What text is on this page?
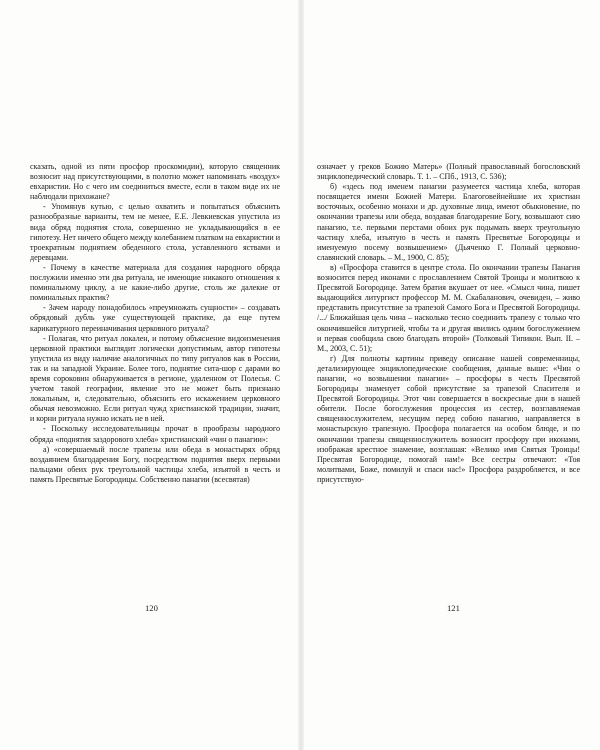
сказать, одной из пяти просфор проскомидии), которую священник возносит над присутствующими, в полотно может напоминать «воздух» евхаристии. Но с чего им соединиться вместе, если в таком виде их не наблюдали прихожане?

- Упомянув кутью, с целью охватить и попытаться объяснить разнообразные варианты, тем не менее, Е.Е. Левкиевская упустила из вида обряд поднятия стола, совершенно не укладывающийся в ее гипотезу. Нет ничего общего между колебанием платком на евхаристии и троекратным поднятием обеденного стола, уставленного яствами и деревцами.

- Почему в качестве материала для создания народного обряда послужили именно эти два ритуала, не имеющие никакого отношения к поминальному циклу, а не какие-либо другие, столь же далекие от поминальных практик?

- Зачем народу понадобилось «преумножать сущности» – создавать обрядовый дубль уже существующей практике, да еще путем карикатурного переиначивания церковного ритуала?

- Полагая, что ритуал локален, и потому объяснение видоизменения церковной практики выглядит логически допустимым, автор гипотезы упустила из виду наличие аналогичных по типу ритуалов как в России, так и на западной Украине. Более того, поднятие сита-шор с дарами во время сороковин обнаруживается в регионе, удаленном от Полесья. С учетом такой географии, явление это не может быть признано локальным, и, следовательно, объяснить его искажением церковного обычая невозможно. Если ритуал чужд христианской традиции, значит, и корни ритуала нужно искать не в ней.

- Поскольку исследовательницы прочат в прообразы народного обряда «поднятия заздорового хлеба» христианский «чин о панагии»:

а) «совершаемый после трапезы или обеда в монастырях обряд воздаянием благодарения Богу, посредством поднятия вверх первыми пальцами обеих рук треугольной частицы хлеба, изъятой в честь и память Пресвятые Богородицы. Собственно панагии (всесвятая)

120

означает у греков Божию Матерь» (Полный православный богословский энциклопедический словарь. Т. 1. – СПб., 1913, С. 536);

б) «здесь под именем панагии разумеется частица хлеба, которая посвящается имени Божией Матери. Благоговейнейшие их христиан восточных, особенно монахи и др. духовные лица, имеют обыкновение, по окончании трапезы или обеда, воздавая благодарение Богу, возвышают сию панагию, т.е. первыми перстами обоих рук подымать вверх треугольную частицу хлеба, изъятую в честь и память Пресвятые Богородицы и именуемую посему возвышением» (Дьяченко Г. Полный церковно-славянский словарь. – М., 1900, С. 85);

в) «Просфора ставится в центре стола. По окончании трапезы Панагия возносится перед иконами с прославлением Святой Троицы и молитвою к Пресвятой Богородице. Затем братия вкушает от нее. «Смысл чина, пишет выдающийся литургист профессор М. М. Скабаланович, очевиден, – живо представить присутствие за трапезой Самого Бога и Пресвятой Богородицы. /.../ Ближайшая цель чина – насколько тесно соединить трапезу с только что окончившейся литургией, чтобы та и другая явились одним богослужением и первая сообщила свою благодать второй» (Толковый Типикон. Вып. II. – М., 2003, С. 51);

г) Для полноты картины приведу описание нашей современницы, детализирующее энциклопедические сообщения, данные выше: «Чин о панагии, «о возвышении панагии» – просфоры в честь Пресвятой Богородицы знаменует собой присутствие за трапезой Спасителя и Пресвятой Богородицы. Этот чин совершается в воскресные дни в нашей обители. После богослужения процессия из сестер, возглавляемая священнослужителем, несущим перед собою панагию, направляется в монастырскую трапезную. Просфора полагается на особом блюде, и по окончании трапезы священнослужитель возносит просфору при иконами, изображая крестное знамение, возглашая: «Велико имя Святыя Троицы! Пресвятая Богородице, помогай нам!» Все сестры отвечают: «Тоя молитвами, Боже, помилуй и спаси нас!» Просфора раздробляется, и все присутствую-

121
